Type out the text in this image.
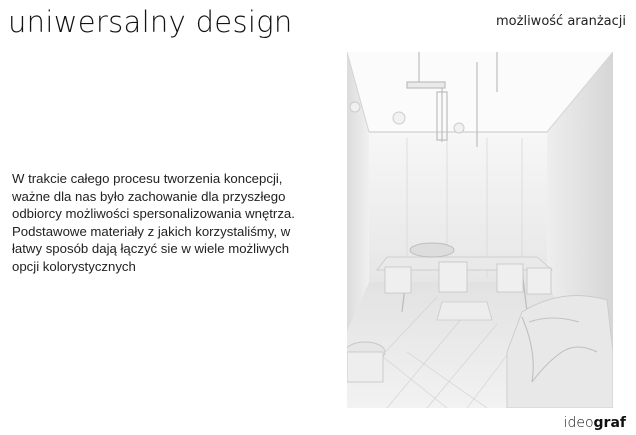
uniwersalny design	możliwość aranżacji

W trakcie całego procesu tworzenia koncepcji, ważne dla nas było zachowanie dla przyszłego odbiorcy możliwości spersonalizowania wnętrza. Podstawowe materiały z jakich korzystaliśmy, w łatwy sposób dają łączyć sie w wiele możliwych opcji kolorystycznych

ideograf
